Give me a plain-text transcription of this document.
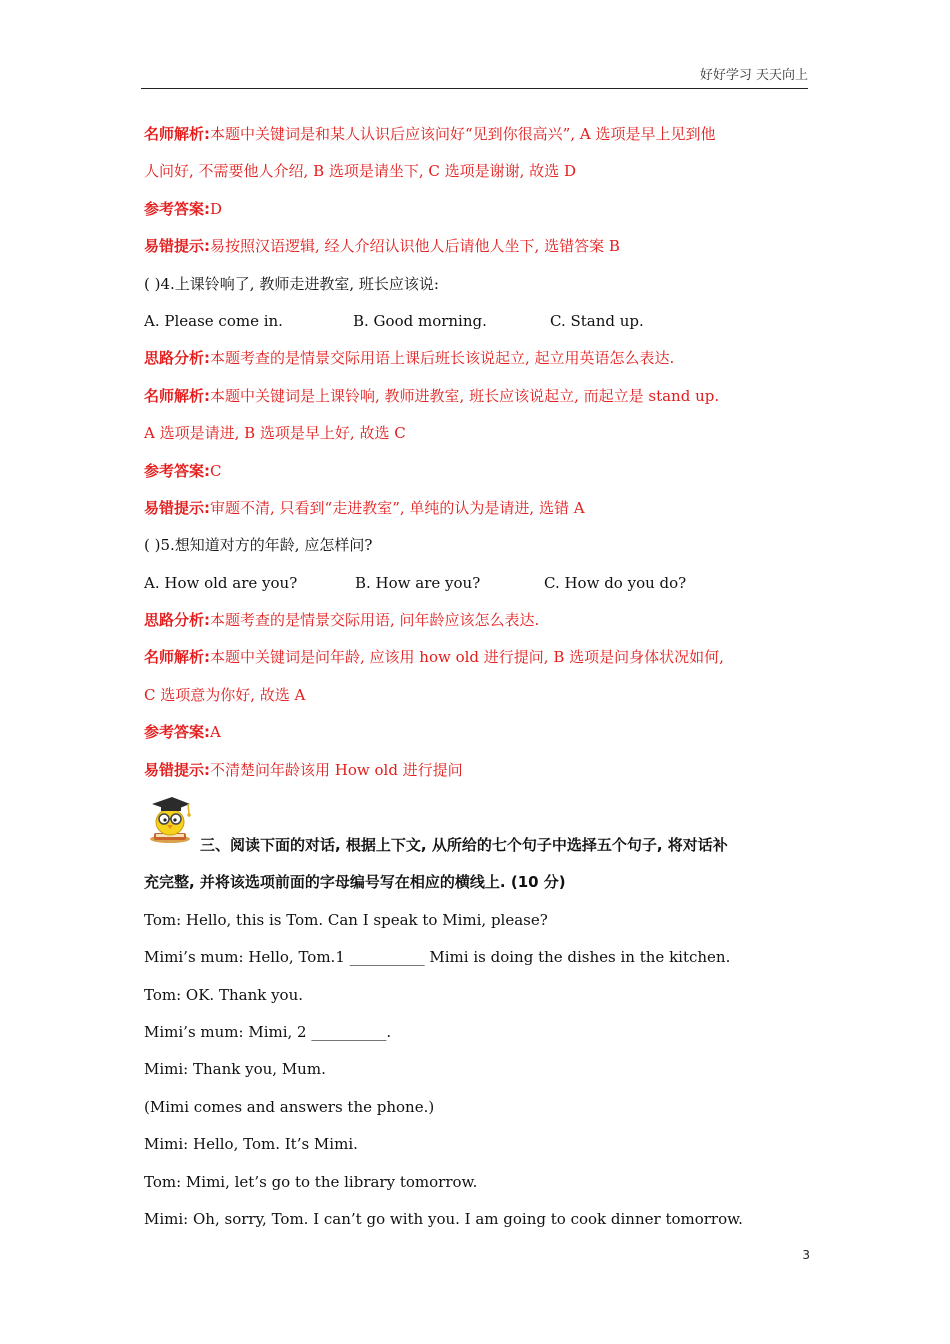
好好学习 天天向上
名师解析:本题中关键词是和某人认识后应该问好“见到你很高兴”, A 选项是早上见到他
人问好, 不需要他人介绍, B 选项是请坐下, C 选项是谢谢, 故选 D
参考答案:D
易错提示:易按照汉语逻辑, 经人介绍认识他人后请他人坐下, 选错答案 B
( )4.上课铃响了, 教师走进教室, 班长应该说:
A. Please come in.	B. Good morning.	C. Stand up.
思路分析:本题考查的是情景交际用语上课后班长该说起立, 起立用英语怎么表达.
名师解析:本题中关键词是上课铃响, 教师进教室, 班长应该说起立, 而起立是 stand up.
A 选项是请进, B 选项是早上好, 故选 C
参考答案:C
易错提示:审题不清, 只看到“走进教室”, 单纯的认为是请进, 选错 A
( )5.想知道对方的年龄, 应怎样问?
A. How old are you?	B. How are you?	C. How do you do?
思路分析:本题考查的是情景交际用语, 问年龄应该怎么表达.
名师解析:本题中关键词是问年龄, 应该用 how old 进行提问, B 选项是问身体状况如何,
C 选项意为你好, 故选 A
参考答案:A
易错提示:不清楚问年龄该用 How old 进行提问
三、阅读下面的对话, 根据上下文, 从所给的七个句子中选择五个句子, 将对话补
充完整, 并将该选项前面的字母编号写在相应的横线上. (10 分)
Tom: Hello, this is Tom. Can I speak to Mimi, please?
Mimi’s mum: Hello, Tom.1 __________ Mimi is doing the dishes in the kitchen.
Tom: OK. Thank you.
Mimi’s mum: Mimi, 2 __________.
Mimi: Thank you, Mum.
(Mimi comes and answers the phone.)
Mimi: Hello, Tom. It’s Mimi.
Tom: Mimi, let’s go to the library tomorrow.
Mimi: Oh, sorry, Tom. I can’t go with you. I am going to cook dinner tomorrow.
3
